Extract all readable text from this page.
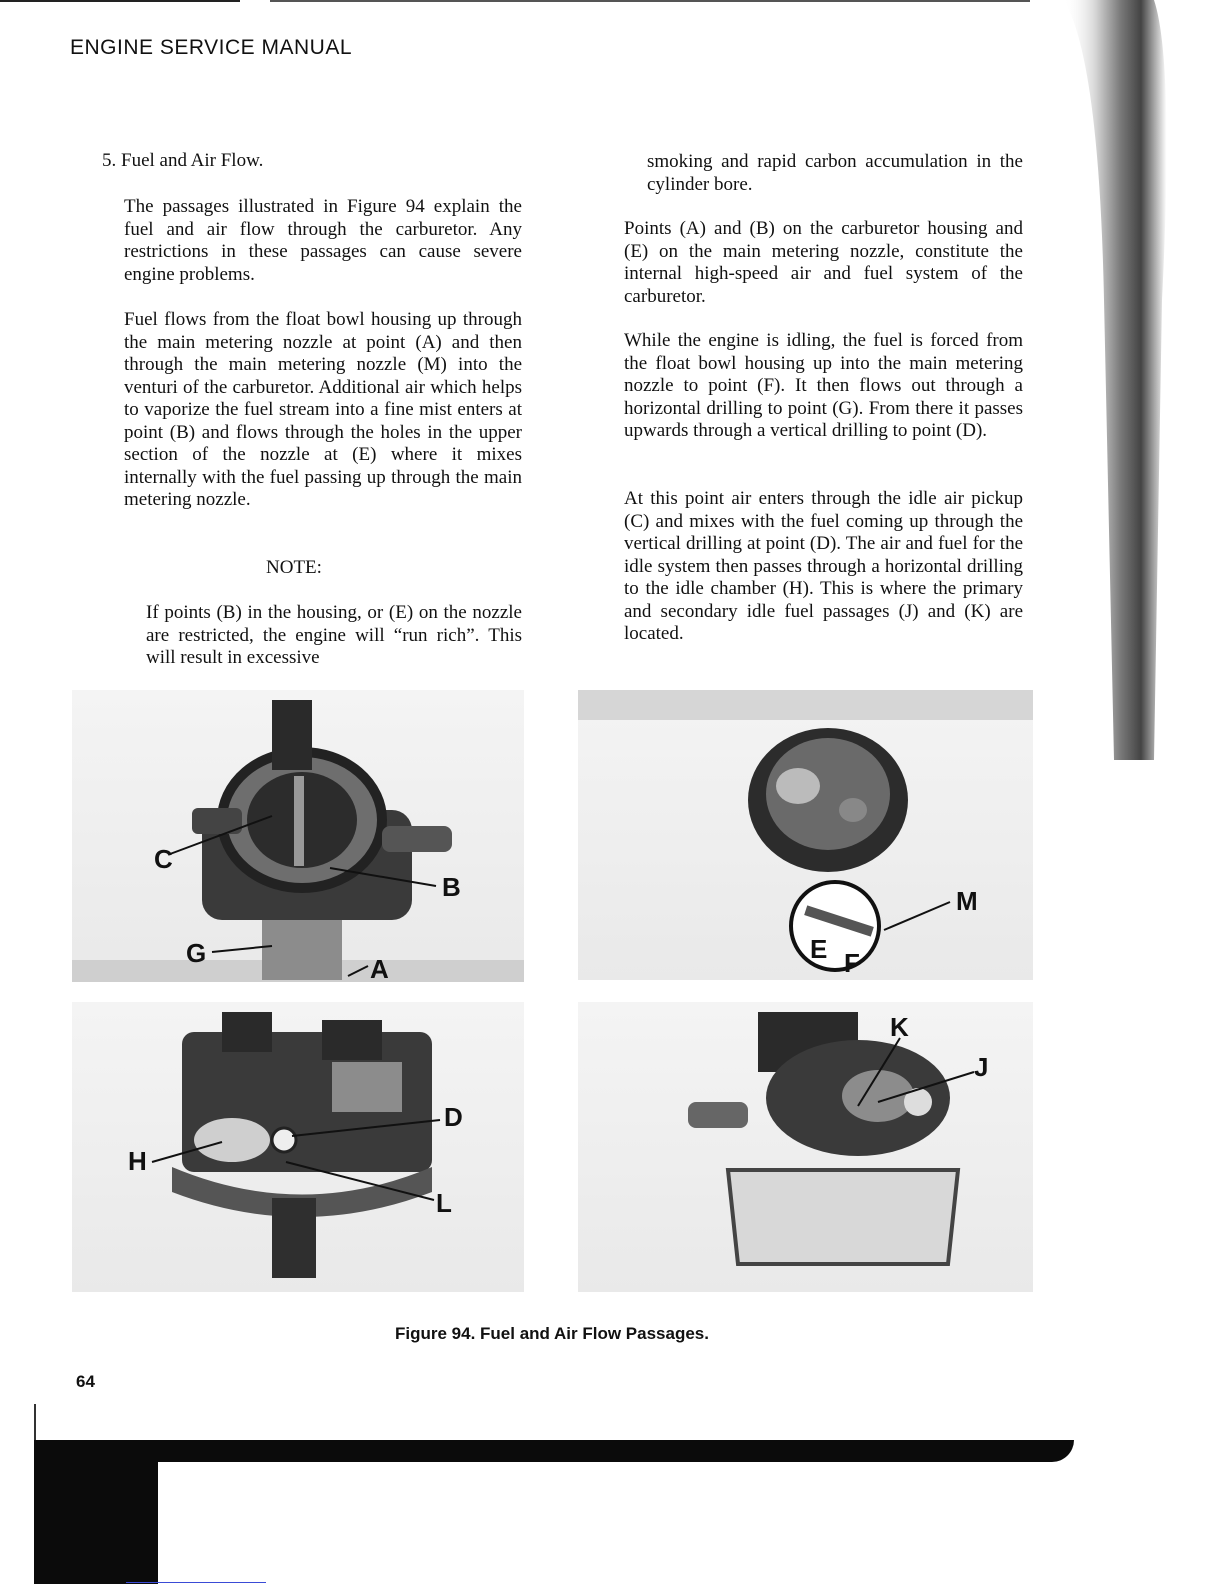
ENGINE SERVICE MANUAL
5. Fuel and Air Flow.
The passages illustrated in Figure 94 explain the fuel and air flow through the carburetor. Any restrictions in these passages can cause severe engine problems.
Fuel flows from the float bowl housing up through the main metering nozzle at point (A) and then through the main metering nozzle (M) into the venturi of the carburetor. Additional air which helps to vaporize the fuel stream into a fine mist enters at point (B) and flows through the holes in the upper section of the nozzle at (E) where it mixes internally with the fuel passing up through the main metering nozzle.
NOTE:
If points (B) in the housing, or (E) on the nozzle are restricted, the engine will “run rich”. This will result in excessive
smoking and rapid carbon accumulation in the cylinder bore.
Points (A) and (B) on the carburetor housing and (E) on the main metering nozzle, constitute the internal high-speed air and fuel system of the carburetor.
While the engine is idling, the fuel is forced from the float bowl housing up into the main metering nozzle to point (F). It then flows out through a horizontal drilling to point (G). From there it passes upwards through a vertical drilling to point (D).
At this point air enters through the idle air pickup (C) and mixes with the fuel coming up through the vertical drilling at point (D). The air and fuel for the idle system then passes through a horizontal drilling to the idle chamber (H). This is where the primary and secondary idle fuel passages (J) and (K) are located.
C
B
G
A
M
E F
D
H
L
K
J
Figure 94. Fuel and Air Flow Passages.
64
